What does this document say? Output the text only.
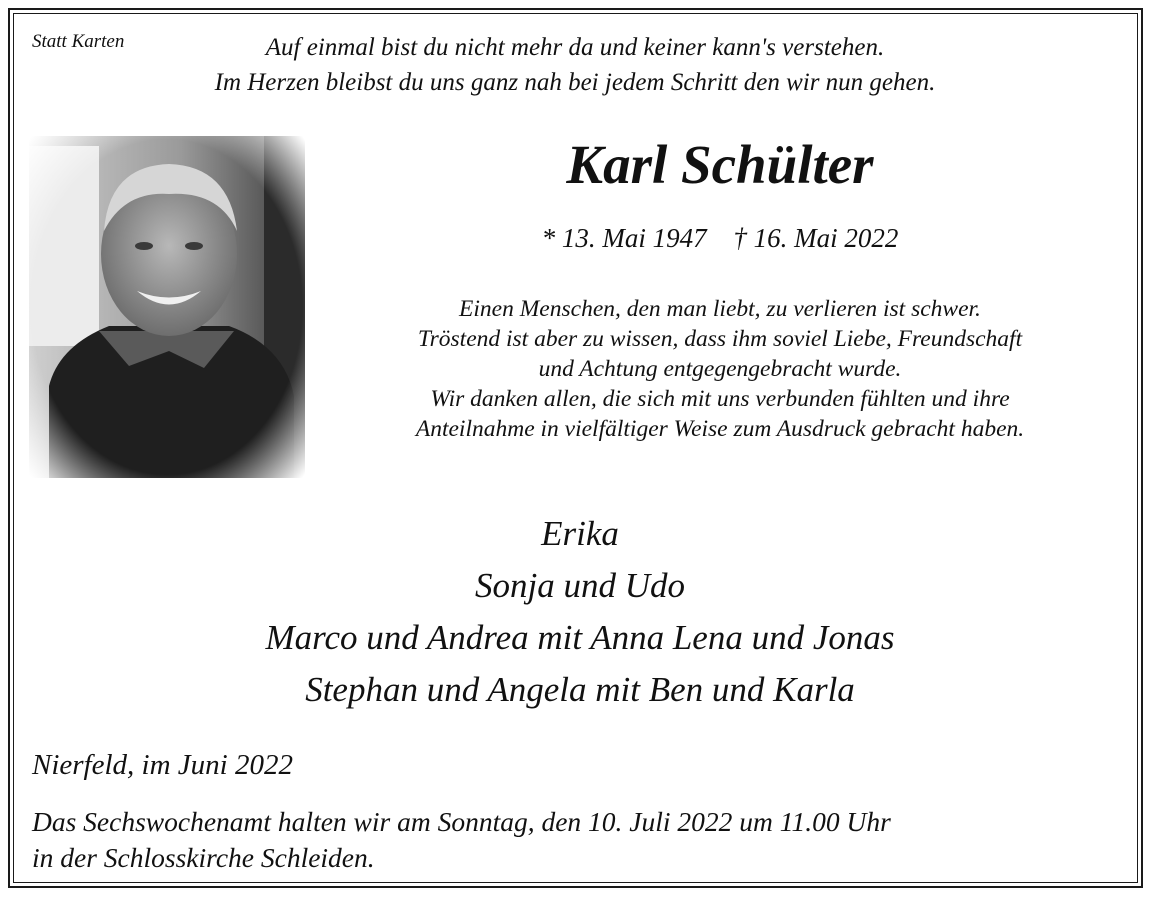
Statt Karten	Auf einmal bist du nicht mehr da und keiner kann's verstehen.
Im Herzen bleibst du uns ganz nah bei jedem Schritt den wir nun gehen.
Karl Schülter
* 13. Mai 1947 † 16. Mai 2022
Einen Menschen, den man liebt, zu verlieren ist schwer.
Tröstend ist aber zu wissen, dass ihm soviel Liebe, Freundschaft
und Achtung entgegengebracht wurde.
Wir danken allen, die sich mit uns verbunden fühlten und ihre
Anteilnahme in vielfältiger Weise zum Ausdruck gebracht haben.
Erika
Sonja und Udo
Marco und Andrea mit Anna Lena und Jonas
Stephan und Angela mit Ben und Karla
Nierfeld, im Juni 2022
Das Sechswochenamt halten wir am Sonntag, den 10. Juli 2022 um 11.00 Uhr
in der Schlosskirche Schleiden.
